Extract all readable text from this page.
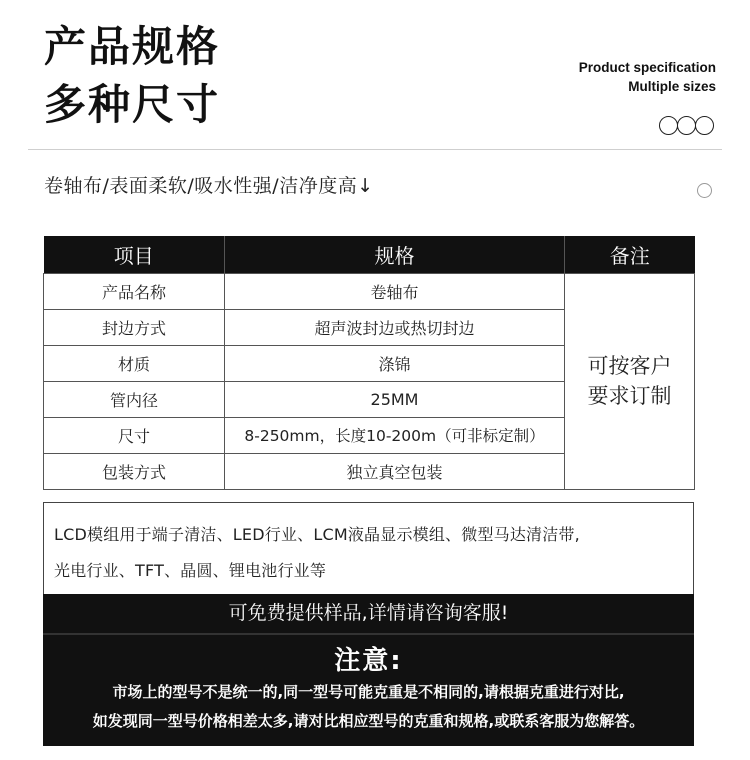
产品规格
多种尺寸
Product specification
Multiple sizes
卷轴布/表面柔软/吸水性强/洁净度高↓
项目	规格	备注
产品名称	卷轴布	可按客户
要求订制
封边方式	超声波封边或热切封边	
材质	涤锦	
管内径	25MM	
尺寸	8-250mm，长度10-200m（可非标定制）	
包装方式	独立真空包装	

LCD模组用于端子清洁、LED行业、LCM液晶显示模组、微型马达清洁带,

光电行业、TFT、晶圆、锂电池行业等

可免费提供样品,详情请咨询客服!
注意:

市场上的型号不是统一的,同一型号可能克重是不相同的,请根据克重进行对比,

如发现同一型号价格相差太多,请对比相应型号的克重和规格,或联系客服为您解答。
